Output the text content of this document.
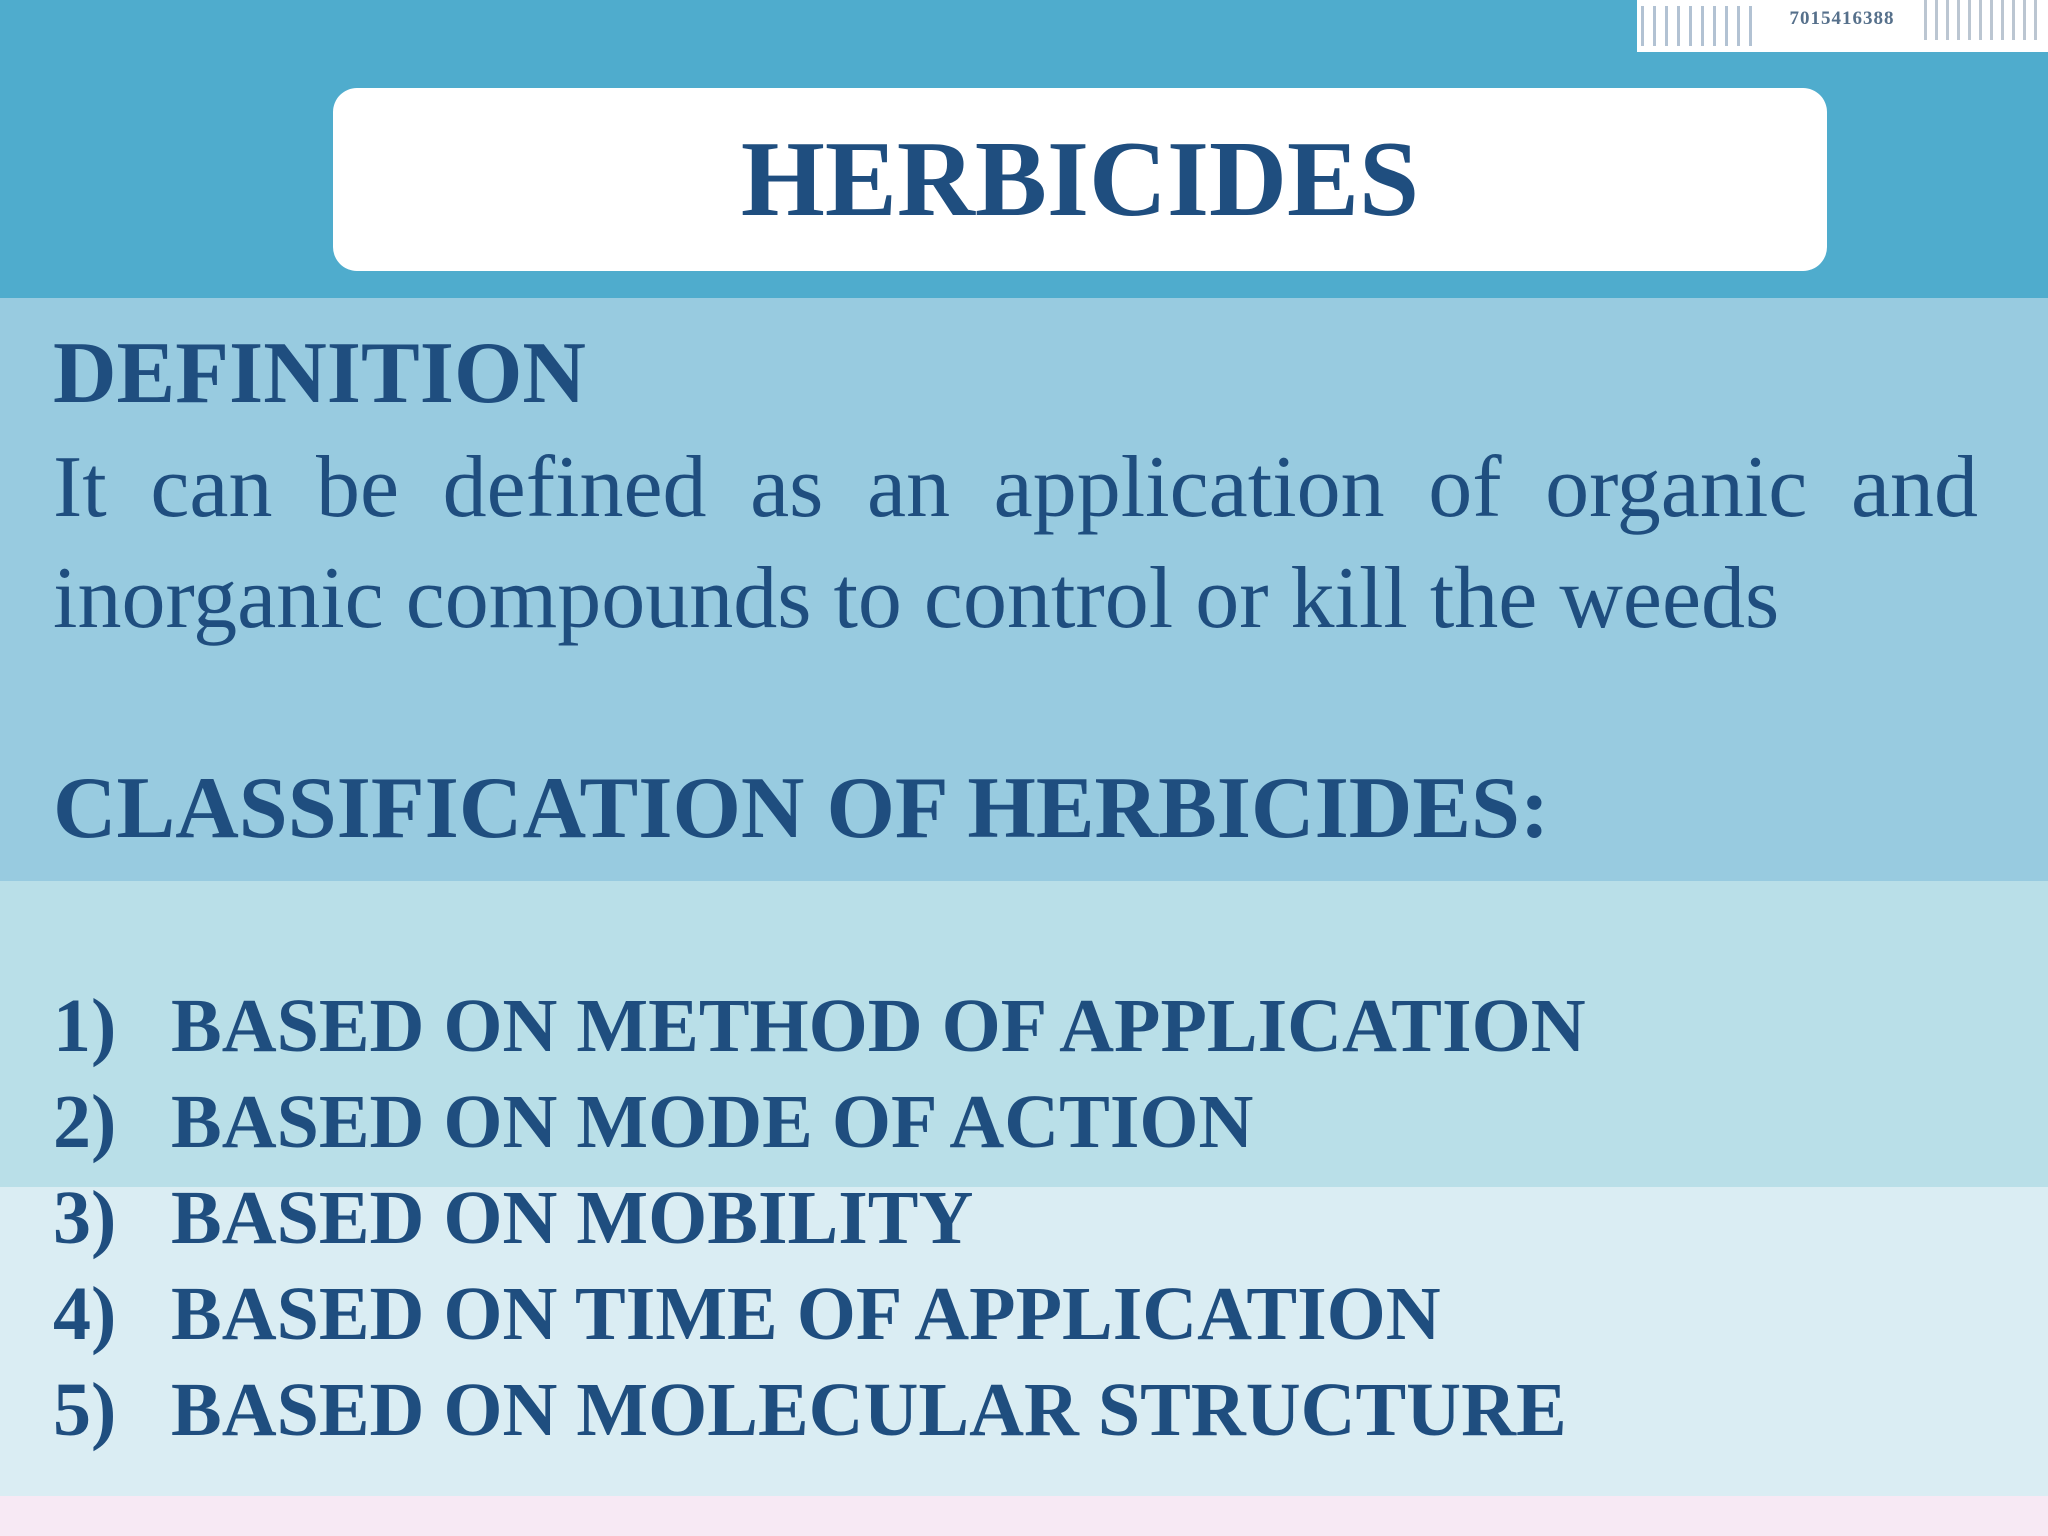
7015416388
HERBICIDES
DEFINITION

It can be defined as an application of organic and inorganic compounds to control or kill the weeds

CLASSIFICATION OF HERBICIDES:
1) BASED ON METHOD OF APPLICATION
2) BASED ON MODE OF ACTION
3) BASED ON MOBILITY
4) BASED ON TIME OF APPLICATION
5) BASED ON MOLECULAR STRUCTURE
